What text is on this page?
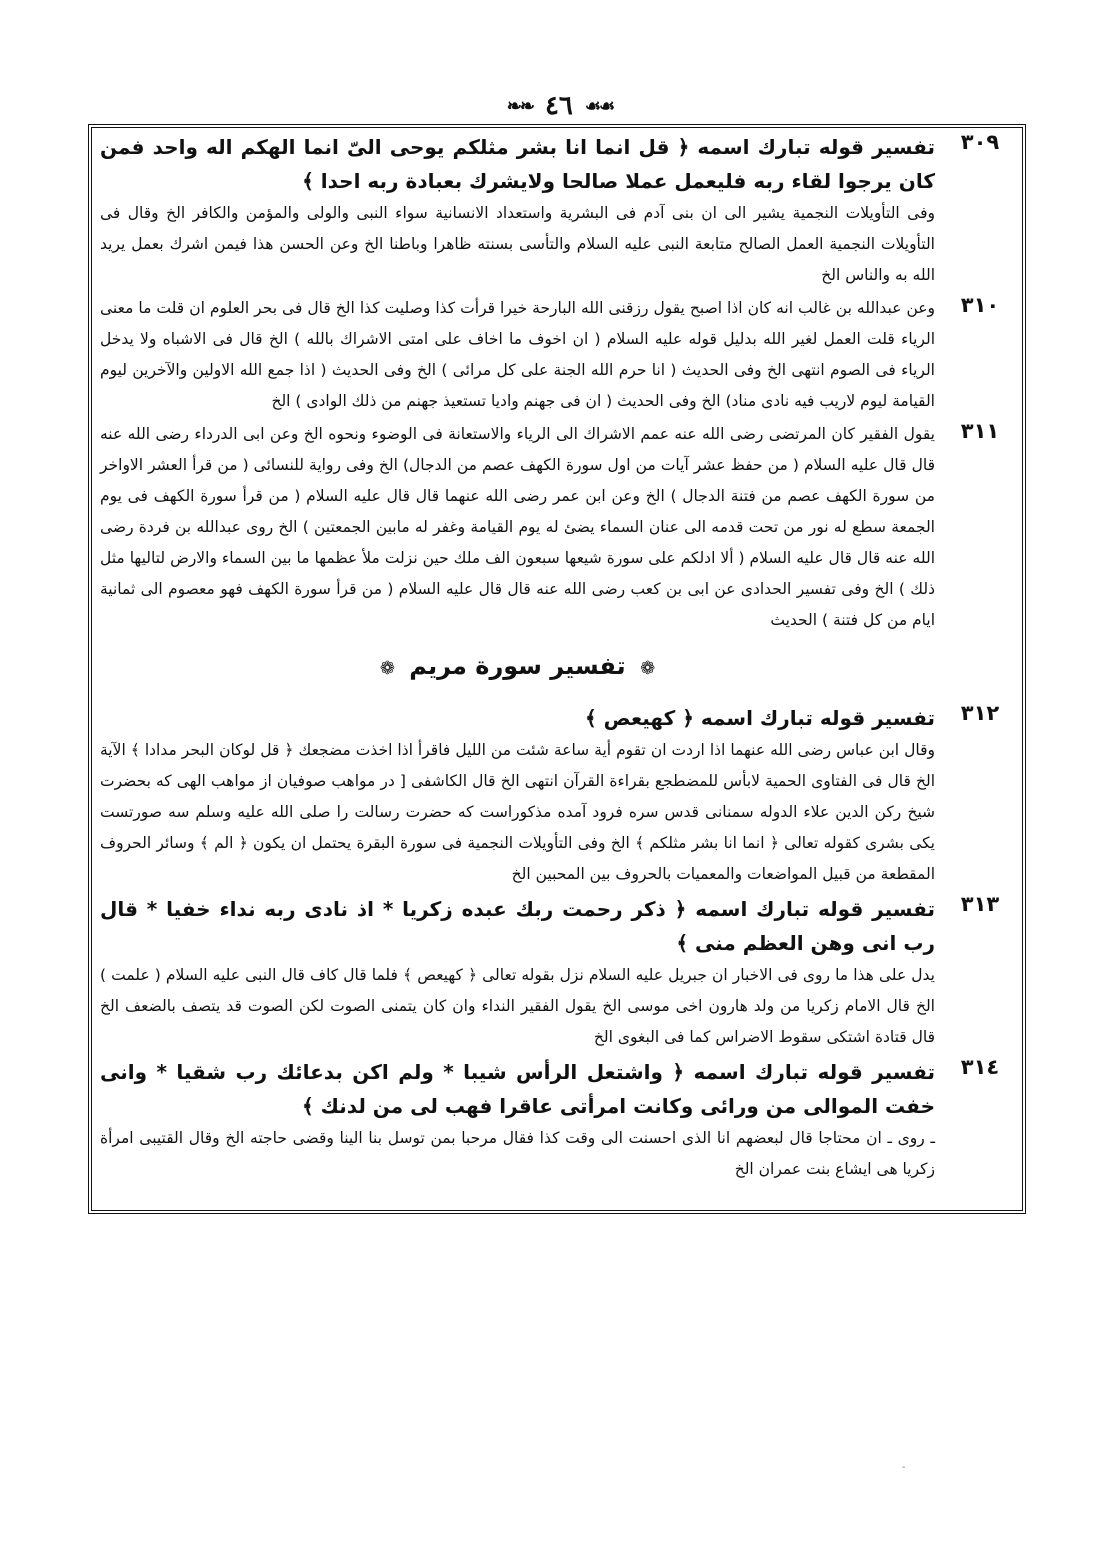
❧❧ ٤٦ ☙☙
٣٠٩

تفسير قوله تبارك اسمه ﴿ قل انما انا بشر مثلكم يوحى الىّ انما الهكم اله واحد فمن كان يرجوا لقاء ربه فليعمل عملا صالحا ولايشرك بعبادة ربه احدا ﴾

وفى التأويلات النجمية يشير الى ان بنى آدم فى البشرية واستعداد الانسانية سواء النبى والولى والمؤمن والكافر الخ وقال فى التأويلات النجمية العمل الصالح متابعة النبى عليه السلام والتأسى بسنته ظاهرا وباطنا الخ وعن الحسن هذا فيمن اشرك بعمل يريد الله به والناس الخ

٣١٠

وعن عبدالله بن غالب انه كان اذا اصبح يقول رزقنى الله البارحة خيرا قرأت كذا وصليت كذا الخ قال فى بحر العلوم ان قلت ما معنى الرياء قلت العمل لغير الله بدليل قوله عليه السلام ( ان اخوف ما اخاف على امتى الاشراك بالله ) الخ قال فى الاشباه ولا يدخل الرياء فى الصوم انتهى الخ وفى الحديث ( انا حرم الله الجنة على كل مرائى ) الخ وفى الحديث ( اذا جمع الله الاولين والآخرين ليوم القيامة ليوم لاريب فيه نادى مناد) الخ وفى الحديث ( ان فى جهنم واديا تستعيذ جهنم من ذلك الوادى ) الخ

٣١١

يقول الفقير كان المرتضى رضى الله عنه عمم الاشراك الى الرياء والاستعانة فى الوضوء ونحوه الخ وعن ابى الدرداء رضى الله عنه قال قال عليه السلام ( من حفظ عشر آيات من اول سورة الكهف عصم من الدجال) الخ وفى رواية للنسائى ( من قرأ العشر الاواخر من سورة الكهف عصم من فتنة الدجال ) الخ وعن ابن عمر رضى الله عنهما قال قال عليه السلام ( من قرأ سورة الكهف فى يوم الجمعة سطع له نور من تحت قدمه الى عنان السماء يضئ له يوم القيامة وغفر له مابين الجمعتين ) الخ روى عبدالله بن فردة رضى الله عنه قال قال عليه السلام ( ألا ادلكم على سورة شيعها سبعون الف ملك حين نزلت ملأ عظمها ما بين السماء والارض لتاليها مثل ذلك ) الخ وفى تفسير الحدادى عن ابى بن كعب رضى الله عنه قال قال عليه السلام ( من قرأ سورة الكهف فهو معصوم الى ثمانية ايام من كل فتنة ) الحديث

❁ تفسير سورة مريم ❁
٣١٢

تفسير قوله تبارك اسمه ﴿ كهيعص ﴾

وقال ابن عباس رضى الله عنهما اذا اردت ان تقوم أية ساعة شئت من الليل فاقرأ اذا اخذت مضجعك ﴿ قل لوكان البحر مدادا ﴾ الآية الخ قال فى الفتاوى الحمية لابأس للمضطجع بقراءة القرآن انتهى الخ قال الكاشفى [ در مواهب صوفيان از مواهب الهى كه بحضرت شيخ ركن الدين علاء الدوله سمنانى قدس سره فرود آمده مذكوراست كه حضرت رسالت را صلى الله عليه وسلم سه صورتست يكى بشرى كقوله تعالى ﴿ انما انا بشر مثلكم ﴾ الخ وفى التأويلات النجمية فى سورة البقرة يحتمل ان يكون ﴿ الم ﴾ وسائر الحروف المقطعة من قبيل المواضعات والمعميات بالحروف بين المحبين الخ

٣١٣

تفسير قوله تبارك اسمه ﴿ ذكر رحمت ربك عبده زكريا * اذ نادى ربه نداء خفيا * قال رب انى وهن العظم منى ﴾

يدل على هذا ما روى فى الاخبار ان جبريل عليه السلام نزل بقوله تعالى ﴿ كهيعص ﴾ فلما قال كاف قال النبى عليه السلام ( علمت ) الخ قال الامام زكريا من ولد هارون اخى موسى الخ يقول الفقير النداء وان كان يتمنى الصوت لكن الصوت قد يتصف بالضعف الخ قال قتادة اشتكى سقوط الاضراس كما فى البغوى الخ

٣١٤

تفسير قوله تبارك اسمه ﴿ واشتعل الرأس شيبا * ولم اكن بدعائك رب شقيا * وانى خفت الموالى من ورائى وكانت امرأتى عاقرا فهب لى من لدنك ﴾

ـ روى ـ ان محتاجا قال لبعضهم انا الذى احسنت الى وقت كذا فقال مرحبا بمن توسل بنا الينا وقضى حاجته الخ وقال القتيبى امرأة زكريا هى ايشاع بنت عمران الخ

-
